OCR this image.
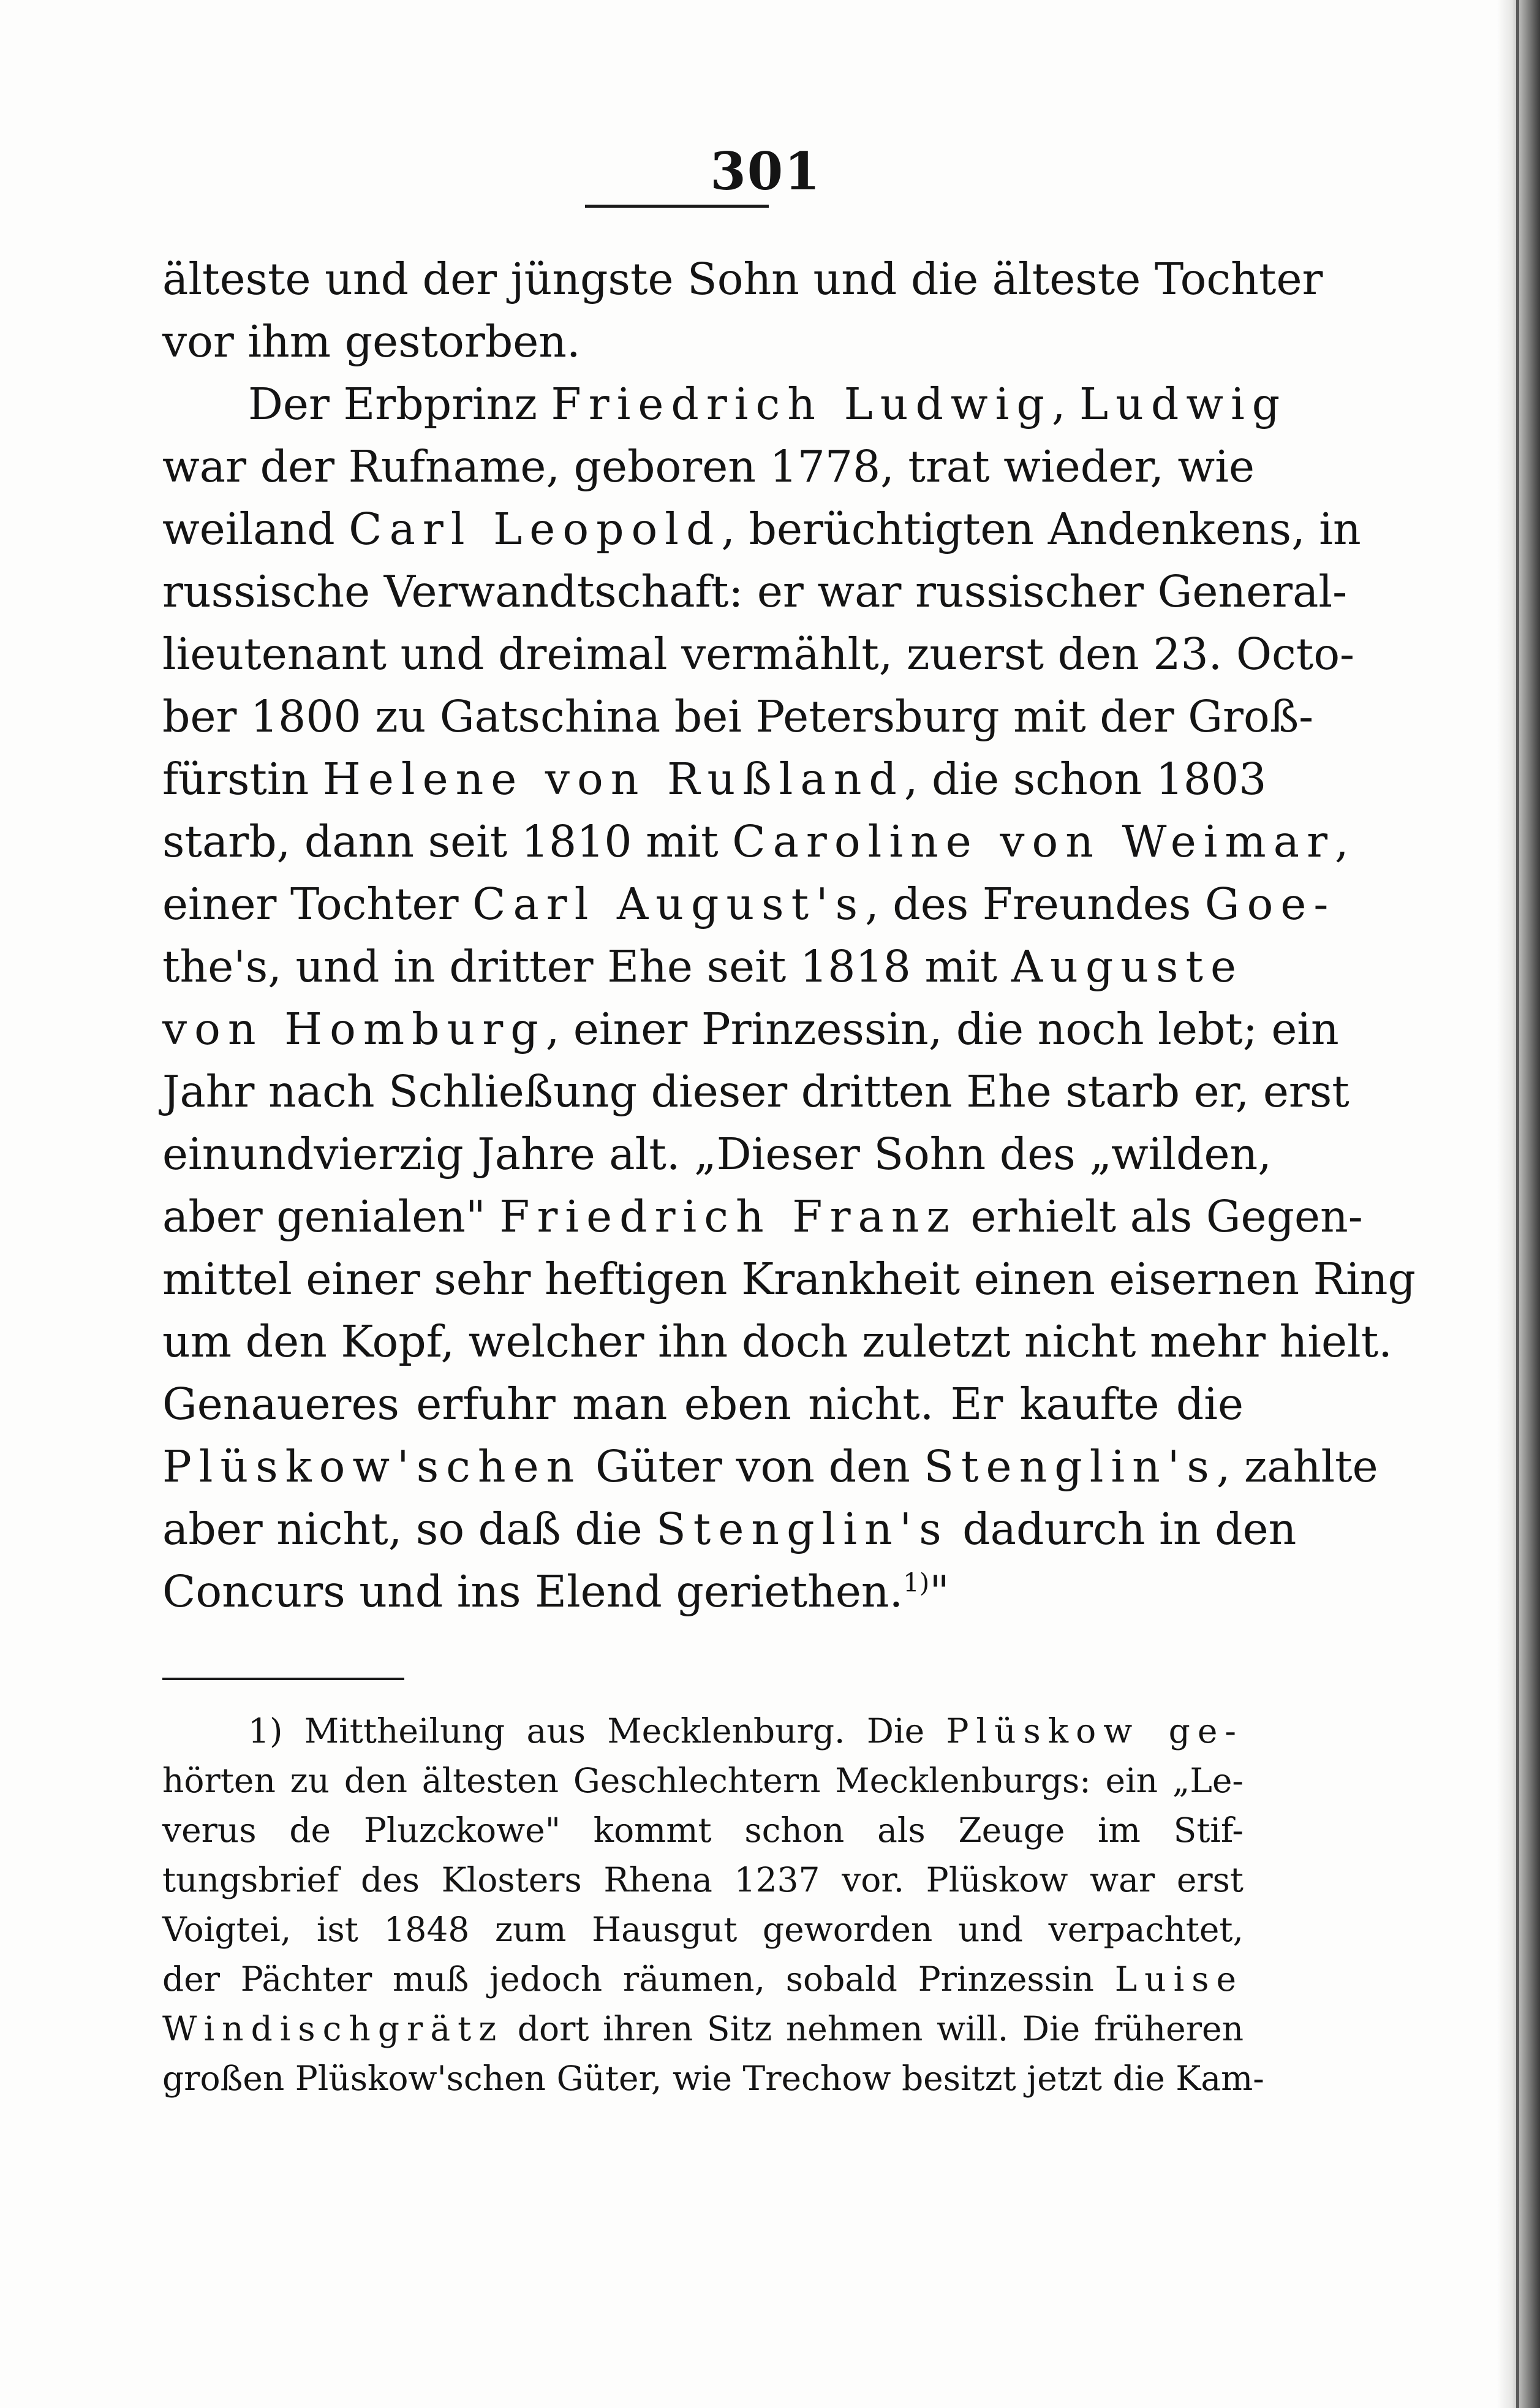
301
älteste und der jüngste Sohn und die älteste Tochter
vor ihm gestorben.
Der Erbprinz Friedrich Ludwig, Ludwig
war der Rufname, geboren 1778, trat wieder, wie
weiland Carl Leopold, berüchtigten Andenkens, in
russische Verwandtschaft: er war russischer General-
lieutenant und dreimal vermählt, zuerst den 23. Octo-
ber 1800 zu Gatschina bei Petersburg mit der Groß-
fürstin Helene von Rußland, die schon 1803
starb, dann seit 1810 mit Caroline von Weimar,
einer Tochter Carl August's, des Freundes Goe-
the's, und in dritter Ehe seit 1818 mit Auguste
von Homburg, einer Prinzessin, die noch lebt; ein
Jahr nach Schließung dieser dritten Ehe starb er, erst
einundvierzig Jahre alt. „Dieser Sohn des „wilden,
aber genialen" Friedrich Franz erhielt als Gegen-
mittel einer sehr heftigen Krankheit einen eisernen Ring
um den Kopf, welcher ihn doch zuletzt nicht mehr hielt.
Genaueres erfuhr man eben nicht. Er kaufte die
Plüskow'schen Güter von den Stenglin's, zahlte
aber nicht, so daß die Stenglin's dadurch in den
Concurs und ins Elend geriethen.$^{1)}$"
1) Mittheilung aus Mecklenburg. Die Plüskow ge-
hörten zu den ältesten Geschlechtern Mecklenburgs: ein „Le-
verus de Pluzckowe" kommt schon als Zeuge im Stif-
tungsbrief des Klosters Rhena 1237 vor. Plüskow war erst
Voigtei, ist 1848 zum Hausgut geworden und verpachtet,
der Pächter muß jedoch räumen, sobald Prinzessin Luise
Windischgrätz dort ihren Sitz nehmen will. Die früheren
großen Plüskow'schen Güter, wie Trechow besitzt jetzt die Kam-
